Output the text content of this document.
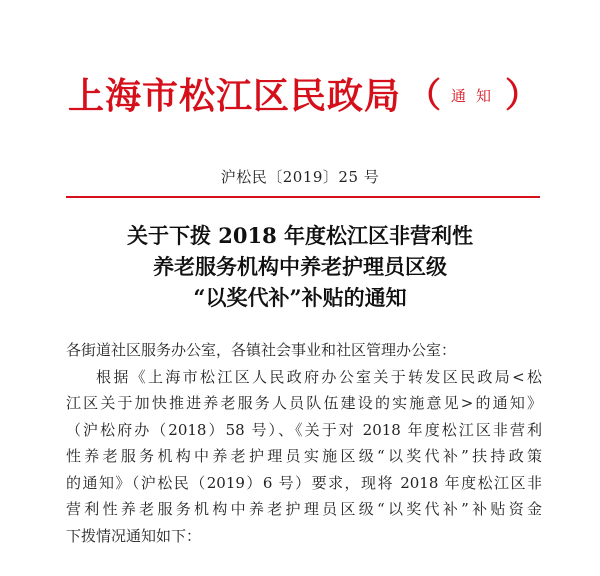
上海市松江区民政局 （ 通知 ）
沪松民〔2019〕25 号
关于下拨 2018 年度松江区非营利性
养老服务机构中养老护理员区级
“以奖代补”补贴的通知
各街道社区服务办公室，各镇社会事业和社区管理办公室：
根据《上海市松江区人民政府办公室关于转发区民政局<松
江区关于加快推进养老服务人员队伍建设的实施意见>的通知》
（沪松府办（2018）58 号）、《关于对 2018 年度松江区非营利
性养老服务机构中养老护理员实施区级“以奖代补”扶持政策
的通知》（沪松民（2019）6 号）要求，现将 2018 年度松江区非
营利性养老服务机构中养老护理员区级“以奖代补”补贴资金
下拨情况通知如下：
